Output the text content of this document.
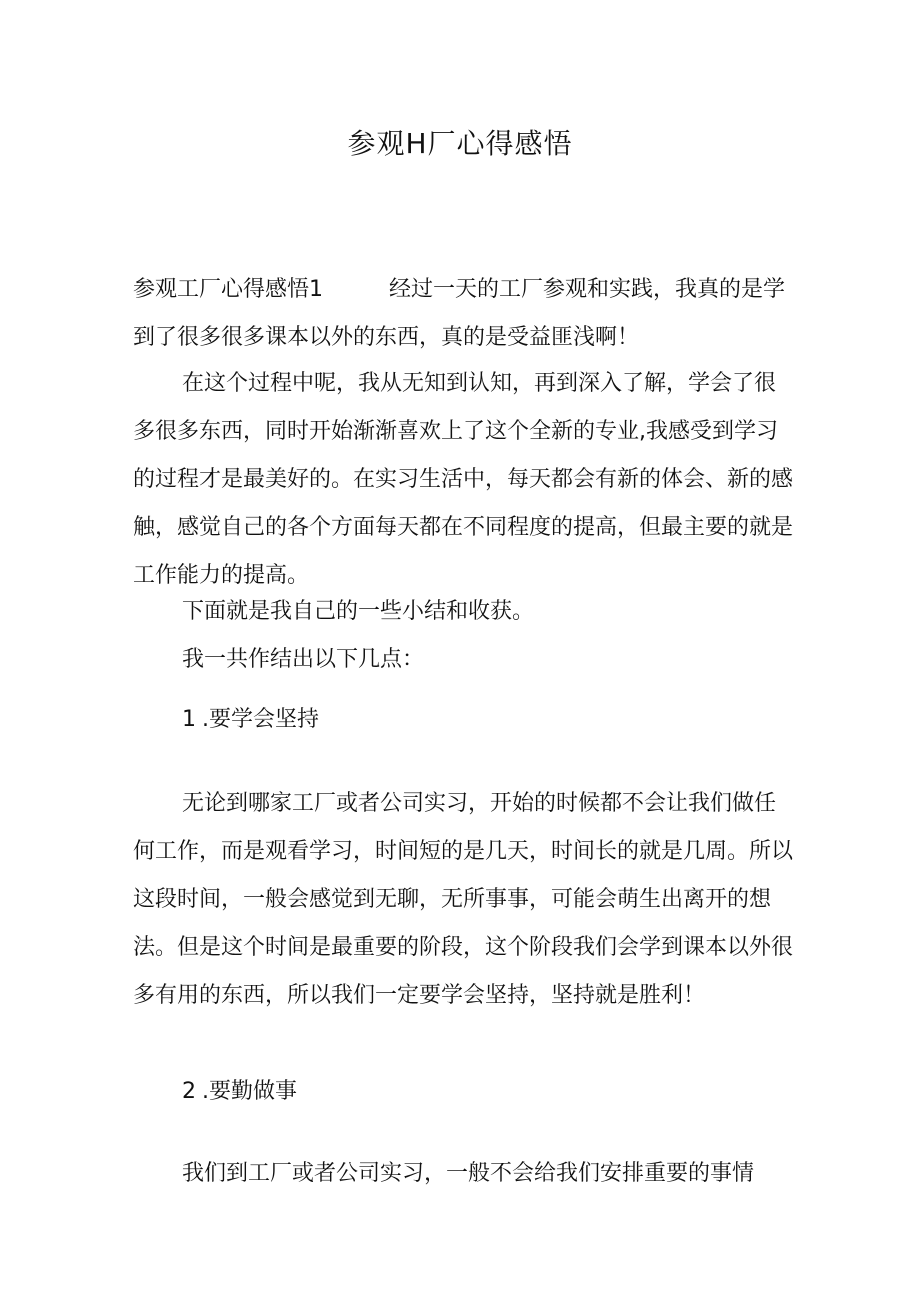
参观H厂心得感悟
参观工厂心得感悟1	经过一天的工厂参观和实践，我真的是学到了很多很多课本以外的东西，真的是受益匪浅啊！
在这个过程中呢，我从无知到认知，再到深入了解，学会了很多很多东西，同时开始渐渐喜欢上了这个全新的专业,我感受到学习的过程才是最美好的。在实习生活中，每天都会有新的体会、新的感触，感觉自己的各个方面每天都在不同程度的提高，但最主要的就是工作能力的提高。
下面就是我自己的一些小结和收获。
我一共作结出以下几点：
1 .要学会坚持
无论到哪家工厂或者公司实习，开始的时候都不会让我们做任何工作，而是观看学习，时间短的是几天，时间长的就是几周。所以这段时间，一般会感觉到无聊，无所事事，可能会萌生出离开的想法。但是这个时间是最重要的阶段，这个阶段我们会学到课本以外很多有用的东西，所以我们一定要学会坚持，坚持就是胜利！
2 .要勤做事
我们到工厂或者公司实习，一般不会给我们安排重要的事情
